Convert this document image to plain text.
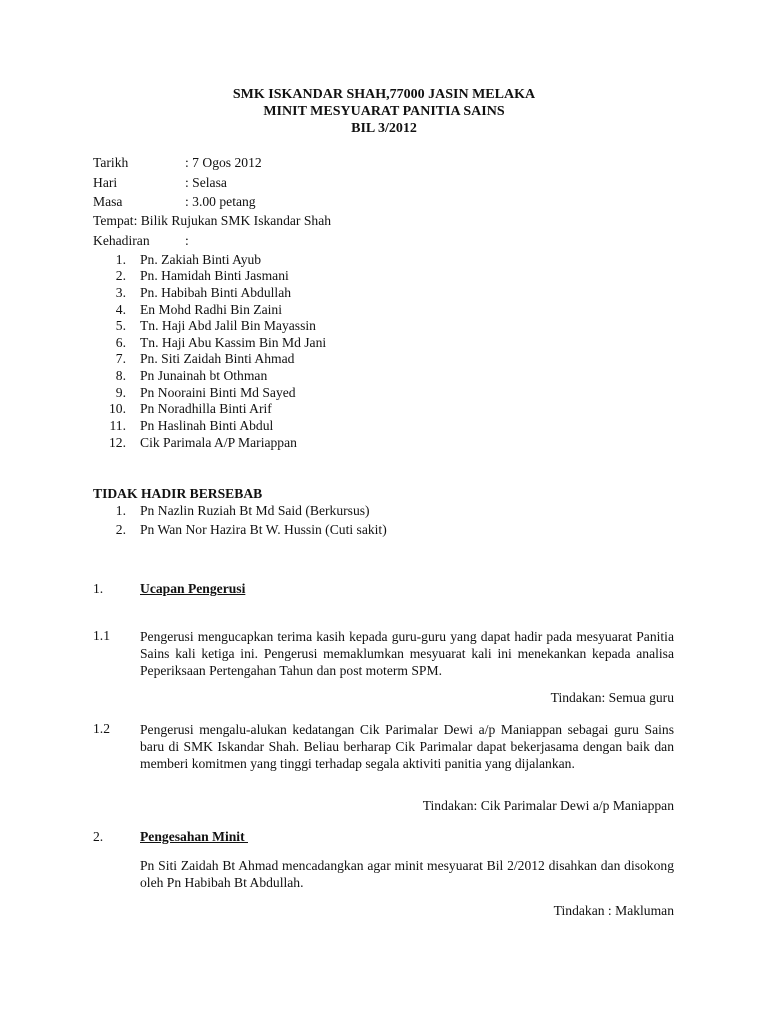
SMK ISKANDAR SHAH,77000 JASIN MELAKA
MINIT MESYUARAT PANITIA SAINS
BIL 3/2012
Tarikh	: 7 Ogos 2012
Hari	: Selasa
Masa	: 3.00 petang
Tempat: Bilik Rujukan SMK Iskandar Shah
Kehadiran	:
1. Pn. Zakiah Binti Ayub
2. Pn. Hamidah Binti Jasmani
3. Pn. Habibah Binti Abdullah
4. En Mohd Radhi Bin Zaini
5. Tn. Haji Abd Jalil Bin Mayassin
6. Tn. Haji Abu Kassim Bin Md Jani
7. Pn. Siti Zaidah Binti Ahmad
8. Pn Junainah bt Othman
9. Pn Nooraini Binti Md Sayed
10. Pn Noradhilla Binti Arif
11. Pn Haslinah Binti Abdul
12. Cik Parimala A/P Mariappan
TIDAK HADIR BERSEBAB
1. Pn Nazlin Ruziah Bt Md Said (Berkursus)
2. Pn Wan Nor Hazira Bt W. Hussin (Cuti sakit)
1.	Ucapan Pengerusi
1.1 Pengerusi mengucapkan terima kasih kepada guru-guru yang dapat hadir pada mesyuarat Panitia Sains kali ketiga ini. Pengerusi memaklumkan mesyuarat kali ini menekankan kepada analisa Peperiksaan Pertengahan Tahun dan post moterm SPM.
Tindakan: Semua guru
1.2 Pengerusi mengalu-alukan kedatangan Cik Parimalar Dewi a/p Maniappan sebagai guru Sains baru di SMK Iskandar Shah. Beliau berharap Cik Parimalar dapat bekerjasama dengan baik dan memberi komitmen yang tinggi terhadap segala aktiviti panitia yang dijalankan.
Tindakan: Cik Parimalar Dewi a/p Maniappan
2.	Pengesahan Minit
Pn Siti Zaidah Bt Ahmad mencadangkan agar minit mesyuarat Bil 2/2012 disahkan dan disokong oleh Pn Habibah Bt Abdullah.
Tindakan : Makluman
